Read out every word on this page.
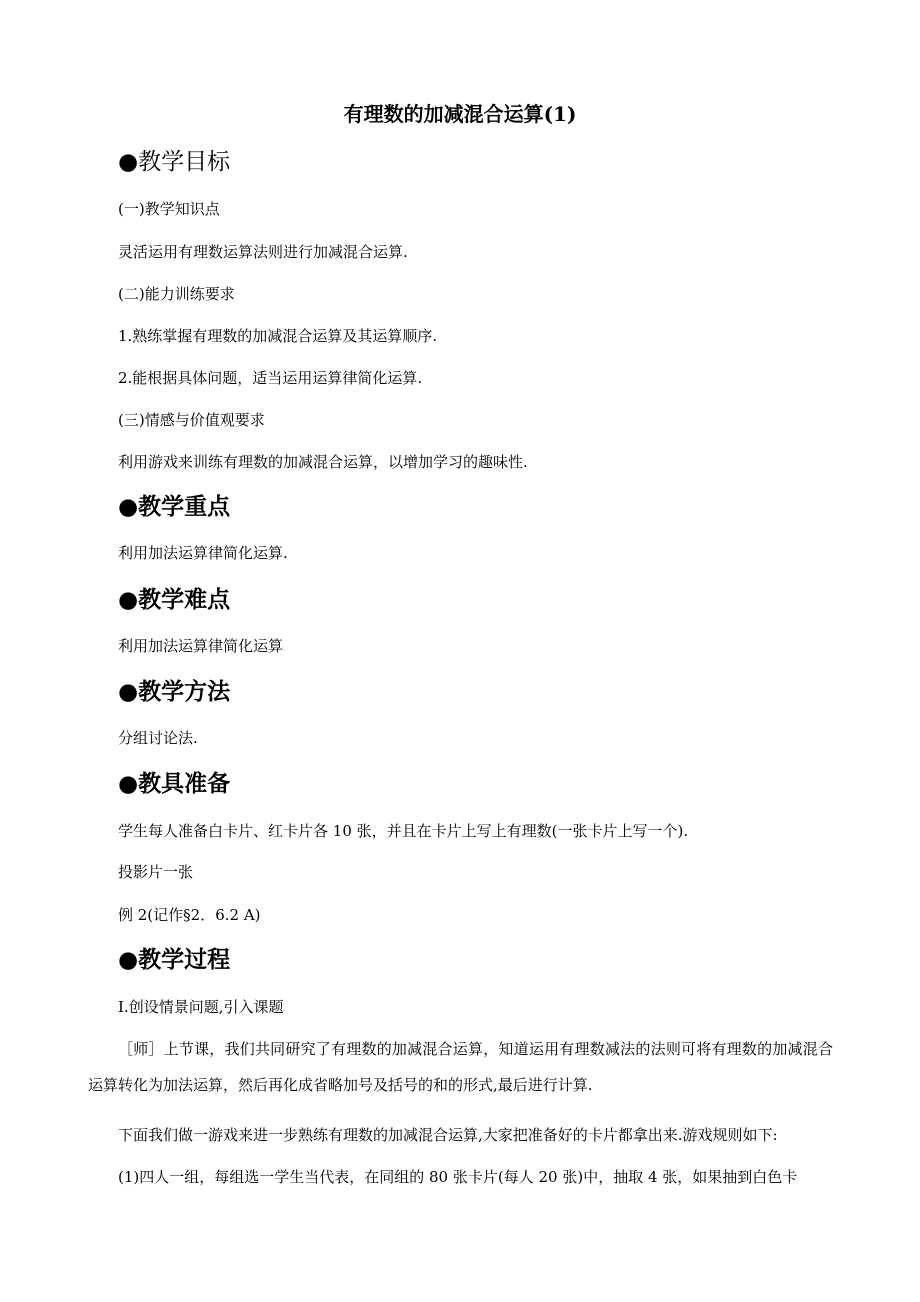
有理数的加减混合运算(1)
●教学目标
(一)教学知识点
灵活运用有理数运算法则进行加减混合运算.
(二)能力训练要求
1.熟练掌握有理数的加减混合运算及其运算顺序.
2.能根据具体问题，适当运用运算律简化运算.
(三)情感与价值观要求
利用游戏来训练有理数的加减混合运算，以增加学习的趣味性.
●教学重点
利用加法运算律简化运算.
●教学难点
利用加法运算律简化运算
●教学方法
分组讨论法.
●教具准备
学生每人准备白卡片、红卡片各 10 张，并且在卡片上写上有理数(一张卡片上写一个).
投影片一张
例 2(记作§2．6.2 A)
●教学过程
Ⅰ.创设情景问题,引入课题
［师］上节课，我们共同研究了有理数的加减混合运算，知道运用有理数减法的法则可将有理数的加减混合运算转化为加法运算，然后再化成省略加号及括号的和的形式,最后进行计算.
下面我们做一游戏来进一步熟练有理数的加减混合运算,大家把准备好的卡片都拿出来.游戏规则如下:
(1)四人一组，每组选一学生当代表，在同组的 80 张卡片(每人 20 张)中，抽取 4 张，如果抽到白色卡
